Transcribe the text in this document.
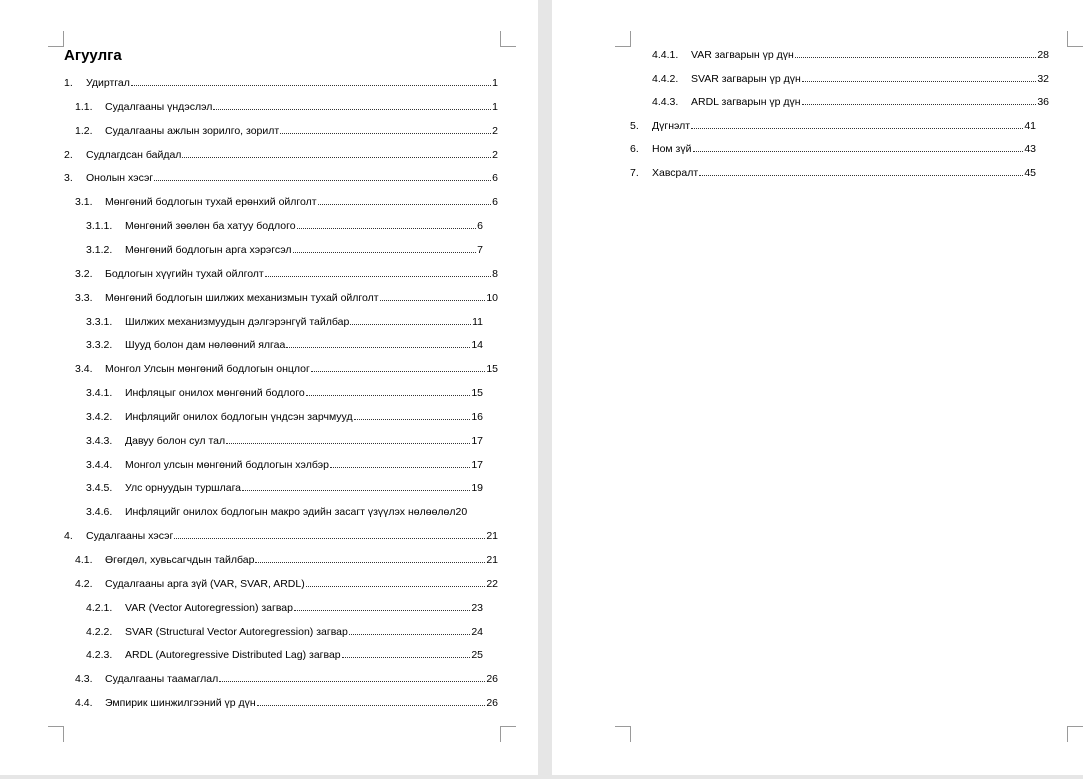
Агуулга
1.	Удиртгал	1
1.1.	Судалгааны үндэслэл	1
1.2.	Судалгааны ажлын зорилго, зорилт	2
2.	Судлагдсан байдал	2
3.	Онолын хэсэг	6
3.1.	Мөнгөний бодлогын тухай ерөнхий ойлголт	6
3.1.1.	Мөнгөний зөөлөн ба хатуу бодлого	6
3.1.2.	Мөнгөний бодлогын арга хэрэгсэл	7
3.2.	Бодлогын хүүгийн тухай ойлголт	8
3.3.	Мөнгөний бодлогын шилжих механизмын тухай ойлголт	10
3.3.1.	Шилжих механизмуудын дэлгэрэнгүй тайлбар	11
3.3.2.	Шууд болон дам нөлөөний ялгаа	14
3.4.	Монгол Улсын мөнгөний бодлогын онцлог	15
3.4.1.	Инфляцыг онилох мөнгөний бодлого	15
3.4.2.	Инфляцийг онилох бодлогын үндсэн зарчмууд	16
3.4.3.	Давуу болон сул тал	17
3.4.4.	Монгол улсын мөнгөний бодлогын хэлбэр	17
3.4.5.	Улс орнуудын туршлага	19
3.4.6.	Инфляцийг онилох бодлогын макро эдийн засагт үзүүлэх нөлөөлөл 20
4.	Судалгааны хэсэг	21
4.1.	Өгөгдөл, хувьсагчдын тайлбар	21
4.2.	Судалгааны арга зүй (VAR, SVAR, ARDL)	22
4.2.1.	VAR (Vector Autoregression) загвар	23
4.2.2.	SVAR (Structural Vector Autoregression) загвар	24
4.2.3.	ARDL (Autoregressive Distributed Lag) загвар	25
4.3.	Судалгааны таамаглал	26
4.4.	Эмпирик шинжилгээний үр дүн	26
4.4.1.	VAR загварын үр дүн	28
4.4.2.	SVAR загварын үр дүн	32
4.4.3.	ARDL загварын үр дүн	36
5.	Дүгнэлт	41
6.	Ном зүй	43
7.	Хавсралт	45
